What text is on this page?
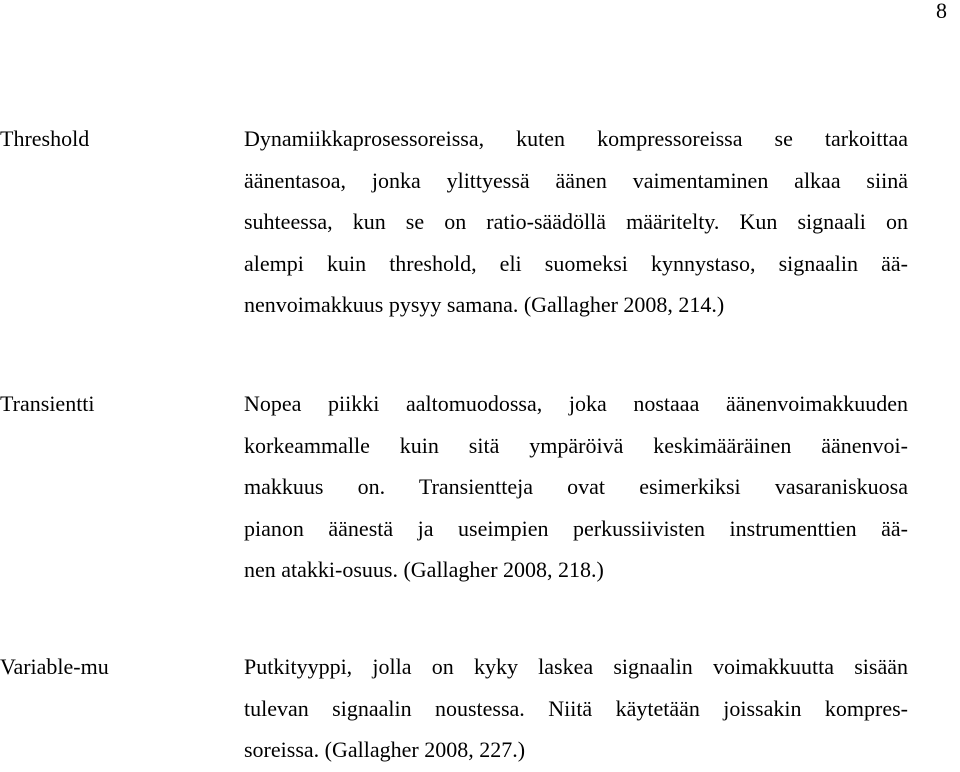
8
Threshold	Dynamiikkaprosessoreissa, kuten kompressoreissa se tarkoittaa
äänentasoa, jonka ylittyessä äänen vaimentaminen alkaa siinä
suhteessa, kun se on ratio-säädöllä määritelty. Kun signaali on
alempi kuin threshold, eli suomeksi kynnystaso, signaalin ää-
nenvoimakkuus pysyy samana. (Gallagher 2008, 214.)
Transientti	Nopea piikki aaltomuodossa, joka nostaaa äänenvoimakkuuden
korkeammalle kuin sitä ympäröivä keskimääräinen äänenvoi-
makkuus on. Transientteja ovat esimerkiksi vasaraniskuosa
pianon äänestä ja useimpien perkussiivisten instrumenttien ää-
nen atakki-osuus. (Gallagher 2008, 218.)
Variable-mu	Putkityyppi, jolla on kyky laskea signaalin voimakkuutta sisään
tulevan signaalin noustessa. Niitä käytetään joissakin kompres-
soreissa. (Gallagher 2008, 227.)
